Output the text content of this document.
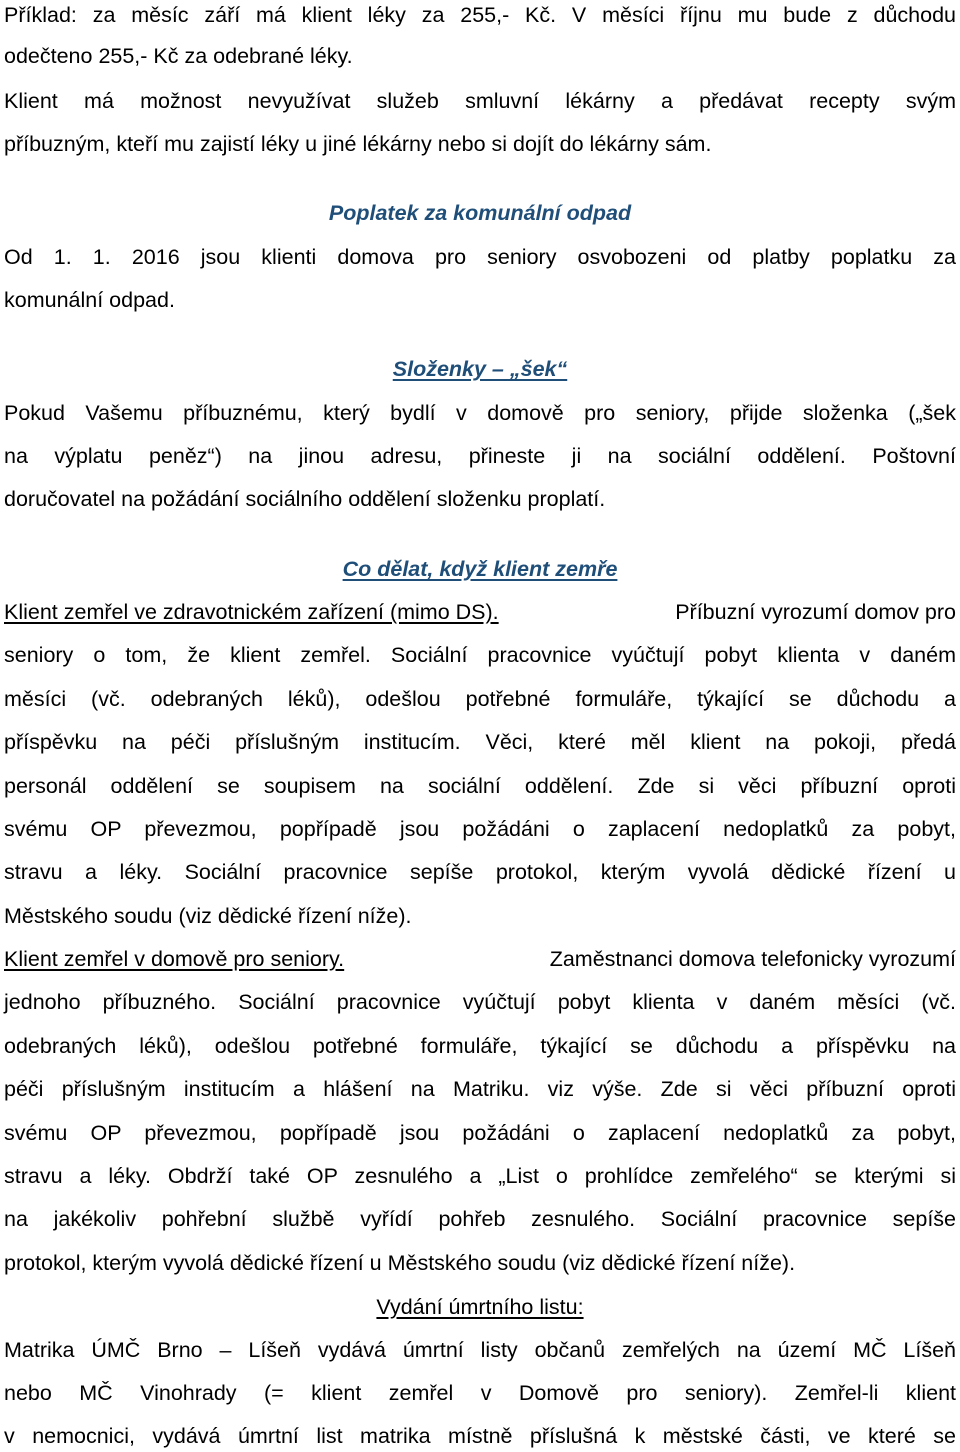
Příklad: za měsíc září má klient léky za 255,- Kč. V měsíci říjnu mu bude z důchodu
odečteno 255,- Kč za odebrané léky.
Klient má možnost nevyužívat služeb smluvní lékárny a předávat recepty svým
příbuzným, kteří mu zajistí léky u jiné lékárny nebo si dojít do lékárny sám.
Poplatek za komunální odpad
Od 1. 1. 2016 jsou klienti domova pro seniory osvobozeni od platby poplatku za
komunální odpad.
Složenky – „šek“
Pokud Vašemu příbuznému, který bydlí v domově pro seniory, přijde složenka („šek
na výplatu peněz“) na jinou adresu, přineste ji na sociální oddělení. Poštovní
doručovatel na požádání sociálního oddělení složenku proplatí.
Co dělat, když klient zemře
Klient zemřel ve zdravotnickém zařízení (mimo DS).	Příbuzní vyrozumí domov pro
seniory o tom, že klient zemřel. Sociální pracovnice vyúčtují pobyt klienta v daném
měsíci (vč. odebraných léků), odešlou potřebné formuláře, týkající se důchodu a
příspěvku na péči příslušným institucím. Věci, které měl klient na pokoji, předá
personál oddělení se soupisem na sociální oddělení. Zde si věci příbuzní oproti
svému OP převezmou, popřípadě jsou požádáni o zaplacení nedoplatků za pobyt,
stravu a léky. Sociální pracovnice sepíše protokol, kterým vyvolá dědické řízení u
Městského soudu (viz dědické řízení níže).
Klient zemřel v domově pro seniory.	Zaměstnanci domova telefonicky vyrozumí
jednoho příbuzného. Sociální pracovnice vyúčtují pobyt klienta v daném měsíci (vč.
odebraných léků), odešlou potřebné formuláře, týkající se důchodu a příspěvku na
péči příslušným institucím a hlášení na Matriku. viz výše. Zde si věci příbuzní oproti
svému OP převezmou, popřípadě jsou požádáni o zaplacení nedoplatků za pobyt,
stravu a léky. Obdrží také OP zesnulého a „List o prohlídce zemřelého“ se kterými si
na jakékoliv pohřební službě vyřídí pohřeb zesnulého. Sociální pracovnice sepíše
protokol, kterým vyvolá dědické řízení u Městského soudu (viz dědické řízení níže).
Vydání úmrtního listu:
Matrika ÚMČ Brno – Líšeň vydává úmrtní listy občanů zemřelých na území MČ Líšeň
nebo MČ Vinohrady (= klient zemřel v Domově pro seniory). Zemřel-li klient
v nemocnici, vydává úmrtní list matrika místně příslušná k městské části, ve které se
